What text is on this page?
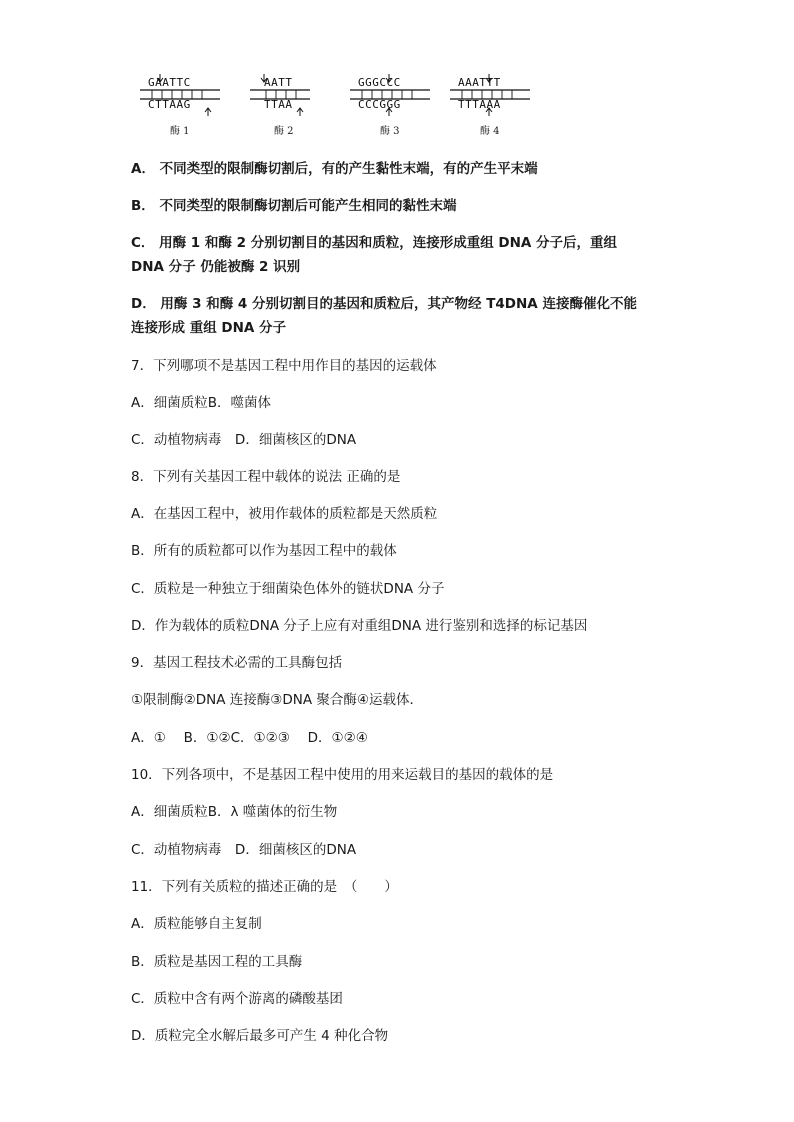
GAATTC
CTTAAG
酶 1
AATT
TTAA
酶 2
GGGCCC
CCCGGG
酶 3
AAATTT
TTTAAA
酶 4
A． 不同类型的限制酶切割后，有的产生黏性末端，有的产生平末端
B． 不同类型的限制酶切割后可能产生相同的黏性末端
C． 用酶 1 和酶 2 分别切割目的基因和质粒，连接形成重组 DNA 分子后，重组
DNA 分子 仍能被酶 2 识别
D． 用酶 3 和酶 4 分别切割目的基因和质粒后，其产物经 T4DNA 连接酶催化不能
连接形成 重组 DNA 分子
7．下列哪项不是基因工程中用作目的基因的运载体
A．细菌质粒B．噬菌体
C．动植物病毒　D．细菌核区的DNA
8．下列有关基因工程中载体的说法 正确的是
A．在基因工程中，被用作载体的质粒都是天然质粒
B．所有的质粒都可以作为基因工程中的载体
C．质粒是一种独立于细菌染色体外的链状DNA 分子
D．作为载体的质粒DNA 分子上应有对重组DNA 进行鉴别和选择的标记基因
9．基因工程技术必需的工具酶包括
①限制酶②DNA 连接酶③DNA 聚合酶④运载体．
A．①　 B．①②C．①②③　 D．①②④
10．下列各项中，不是基因工程中使用的用来运载目的基因的载体的是
A．细菌质粒B．λ 噬菌体的衍生物
C．动植物病毒　D．细菌核区的DNA
11．下列有关质粒的描述正确的是　（　　）
A．质粒能够自主复制
B．质粒是基因工程的工具酶
C．质粒中含有两个游离的磷酸基团
D．质粒完全水解后最多可产生 4 种化合物
